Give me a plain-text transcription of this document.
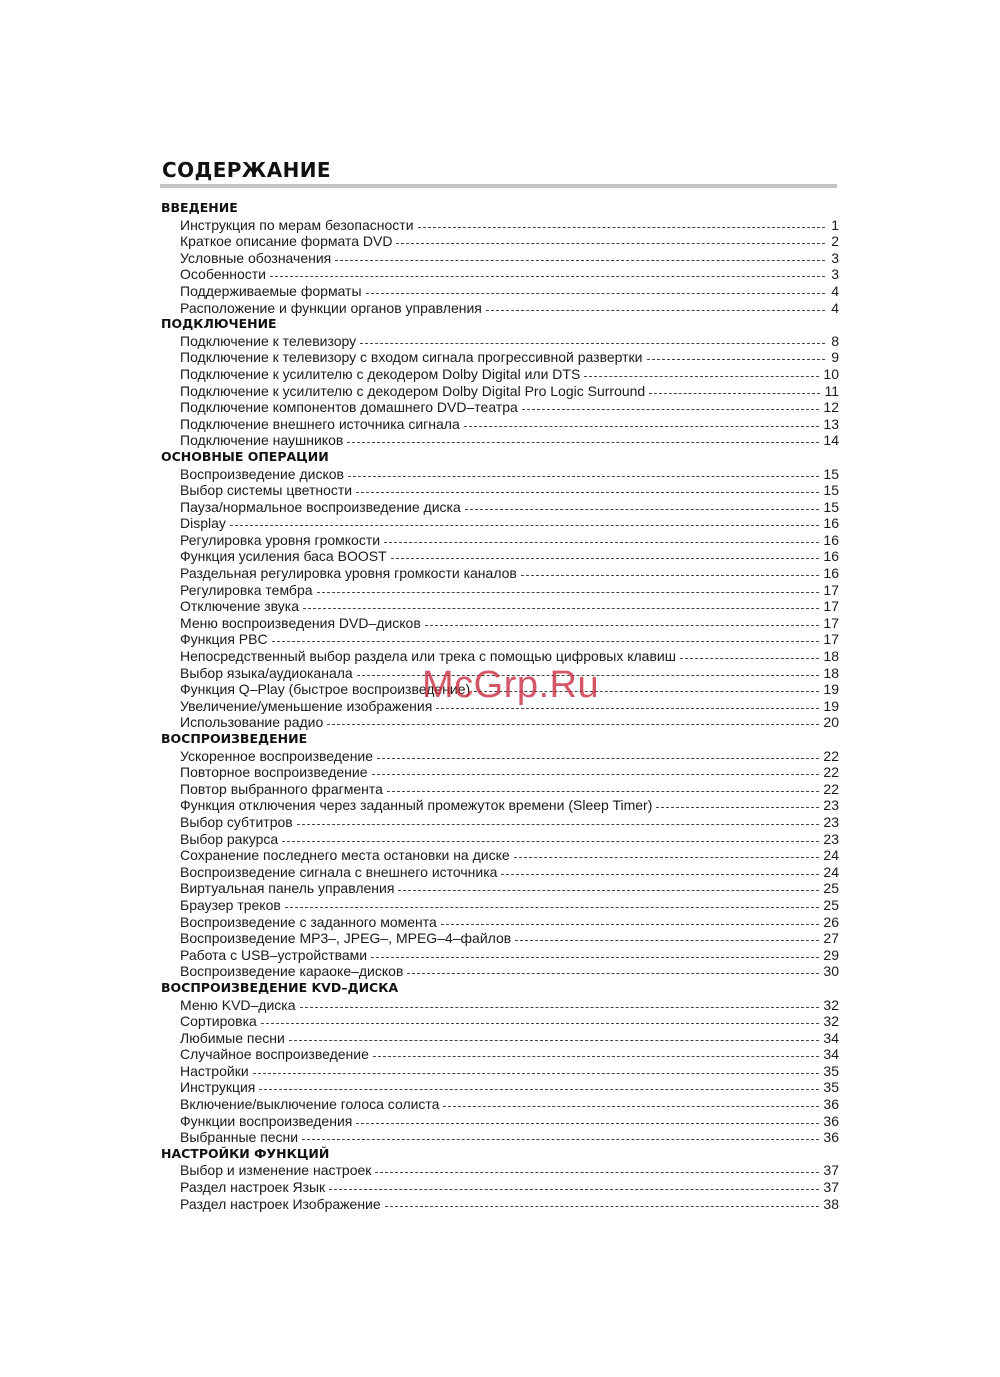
СОДЕРЖАНИЕ
ВВЕДЕНИЕ
Инструкция по мерам безопасности	1
Краткое описание формата DVD	2
Условные обозначения	3
Особенности	3
Поддерживаемые форматы	4
Расположение и функции органов управления	4
ПОДКЛЮЧЕНИЕ
Подключение к телевизору	8
Подключение к телевизору с входом сигнала прогрессивной развертки	9
Подключение к усилителю с декодером Dolby Digital или DTS	10
Подключение к усилителю с декодером Dolby Digital Pro Logic Surround	11
Подключение компонентов домашнего DVD–театра	12
Подключение внешнего источника сигнала	13
Подключение наушников	14
ОСНОВНЫЕ ОПЕРАЦИИ
Воспроизведение дисков	15
Выбор системы цветности	15
Пауза/нормальное воспроизведение диска	15
Display	16
Регулировка уровня громкости	16
Функция усиления баса BOOST	16
Раздельная регулировка уровня громкости каналов	16
Регулировка тембра	17
Отключение звука	17
Меню воспроизведения DVD–дисков	17
Функция PBC	17
Непосредственный выбор раздела или трека с помощью цифровых клавиш	18
Выбор языка/аудиоканала	18
Функция Q–Play (быстрое воспроизведение)	19
Увеличение/уменьшение изображения	19
Использование радио	20
ВОСПРОИЗВЕДЕНИЕ
Ускоренное воспроизведение	22
Повторное воспроизведение	22
Повтор выбранного фрагмента	22
Функция отключения через заданный промежуток времени (Sleep Timer)	23
Выбор субтитров	23
Выбор ракурса	23
Сохранение последнего места остановки на диске	24
Воспроизведение сигнала с внешнего источника	24
Виртуальная панель управления	25
Браузер треков	25
Воспроизведение с заданного момента	26
Воспроизведение MP3–, JPEG–, MPEG–4–файлов	27
Работа с USB–устройствами	29
Воспроизведение караоке–дисков	30
ВОСПРОИЗВЕДЕНИЕ KVD–ДИСКА
Меню KVD–диска	32
Сортировка	32
Любимые песни	34
Случайное воспроизведение	34
Настройки	35
Инструкция	35
Включение/выключение голоса солиста	36
Функции воспроизведения	36
Выбранные песни	36
НАСТРОЙКИ ФУНКЦИЙ
Выбор и изменение настроек	37
Раздел настроек Язык	37
Раздел настроек Изображение	38
McGrp.Ru
